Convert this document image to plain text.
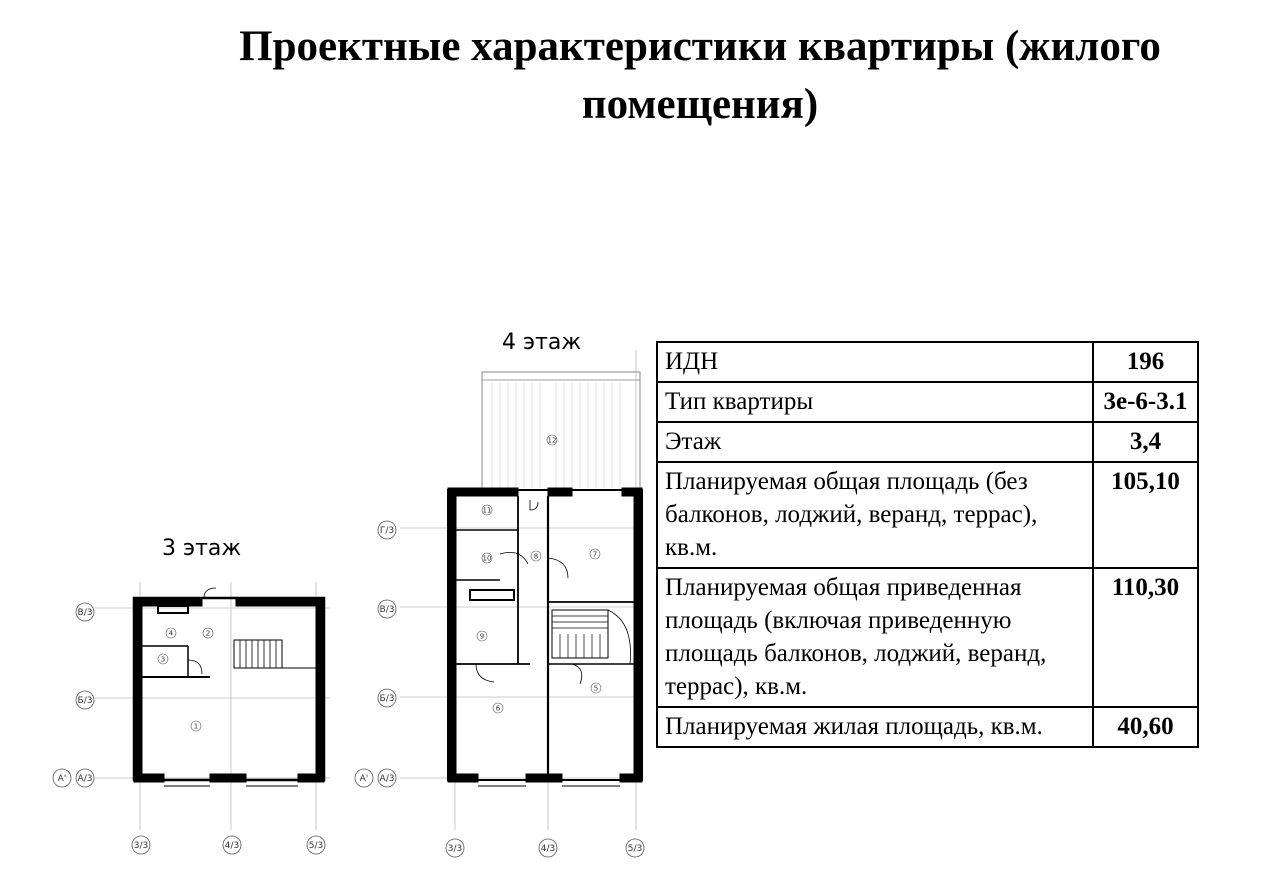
Проектные характеристики квартиры (жилого помещения)
3 этаж
4 этаж
4	2
3
1
В/3
Б/3
А/3
А'
3/3	4/3	5/3
12
11
10	8	7
9
5
6
Г/3
В/3
Б/3
А/3
А'
3/3	4/3	5/3
ИДН	196
Тип квартиры	3е-6-3.1
Этаж	3,4
Планируемая общая площадь (без балконов, лоджий, веранд, террас), кв.м.	105,10
Планируемая общая приведенная площадь (включая приведенную площадь балконов, лоджий, веранд, террас), кв.м.	110,30
Планируемая жилая площадь, кв.м.	40,60
